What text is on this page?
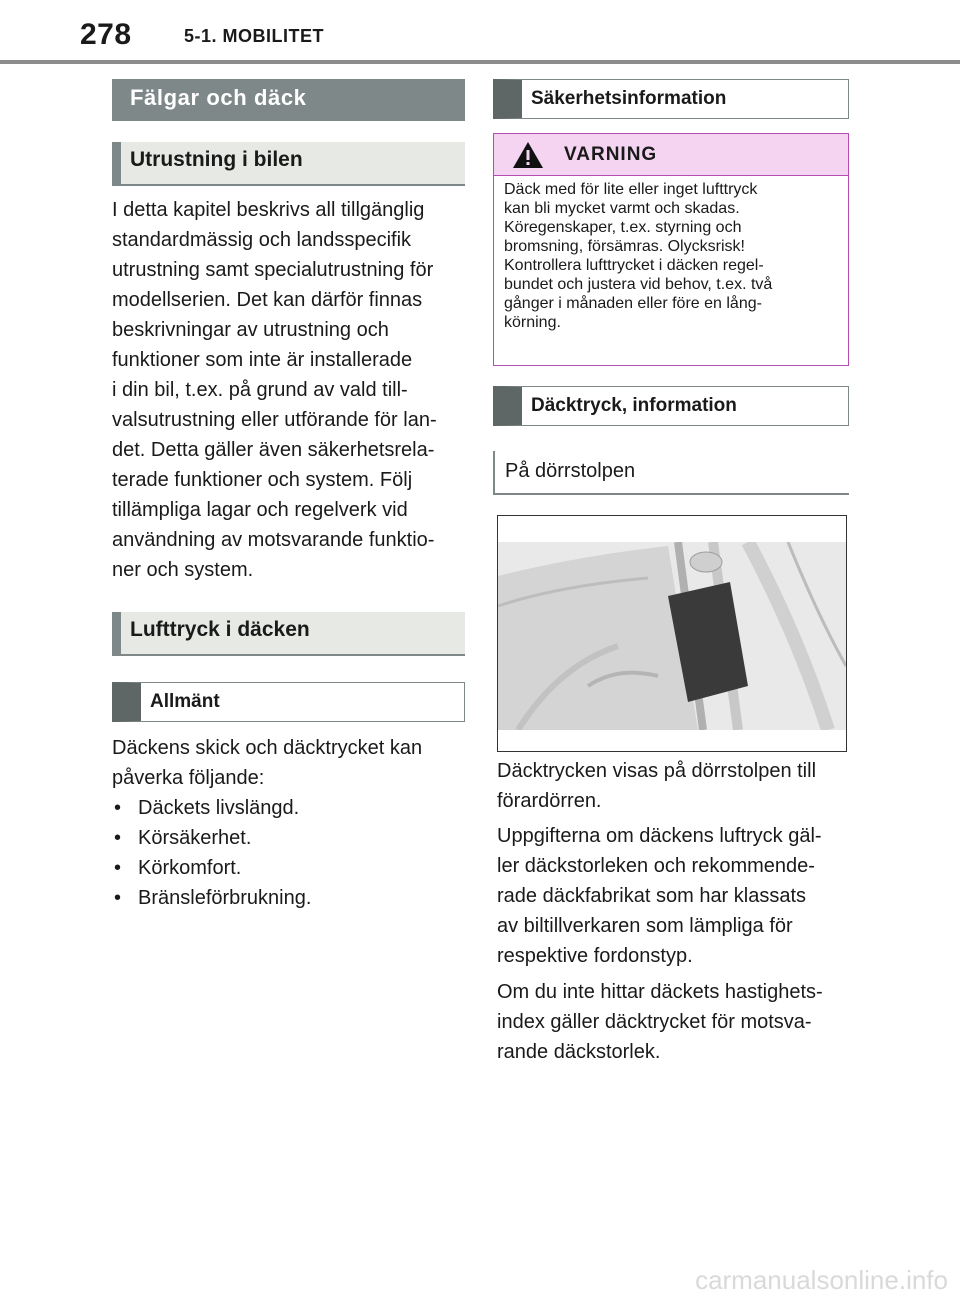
278	5-1. MOBILITET
Fälgar och däck
Utrustning i bilen
I detta kapitel beskrivs all tillgänglig
standardmässig och landsspecifik
utrustning samt specialutrustning för
modellserien. Det kan därför finnas
beskrivningar av utrustning och
funktioner som inte är installerade
i din bil, t.ex. på grund av vald till-
valsutrustning eller utförande för lan-
det. Detta gäller även säkerhetsrela-
terade funktioner och system. Följ
tillämpliga lagar och regelverk vid
användning av motsvarande funktio-
ner och system.
Lufttryck i däcken
Allmänt
Däckens skick och däcktrycket kan
påverka följande:
• Däckets livslängd.
• Körsäkerhet.
• Körkomfort.
• Bränsleförbrukning.
Säkerhetsinformation
VARNING
Däck med för lite eller inget lufttryck
kan bli mycket varmt och skadas.
Köregenskaper, t.ex. styrning och
bromsning, försämras. Olycksrisk!
Kontrollera lufttrycket i däcken regel-
bundet och justera vid behov, t.ex. två
gånger i månaden eller före en lång-
körning.
Däcktryck, information
På dörrstolpen
Däcktrycken visas på dörrstolpen till
förardörren.
Uppgifterna om däckens luftryck gäl-
ler däckstorleken och rekommende-
rade däckfabrikat som har klassats
av biltillverkaren som lämpliga för
respektive fordonstyp.
Om du inte hittar däckets hastighets-
index gäller däcktrycket för motsva-
rande däckstorlek.
carmanualsonline.info
